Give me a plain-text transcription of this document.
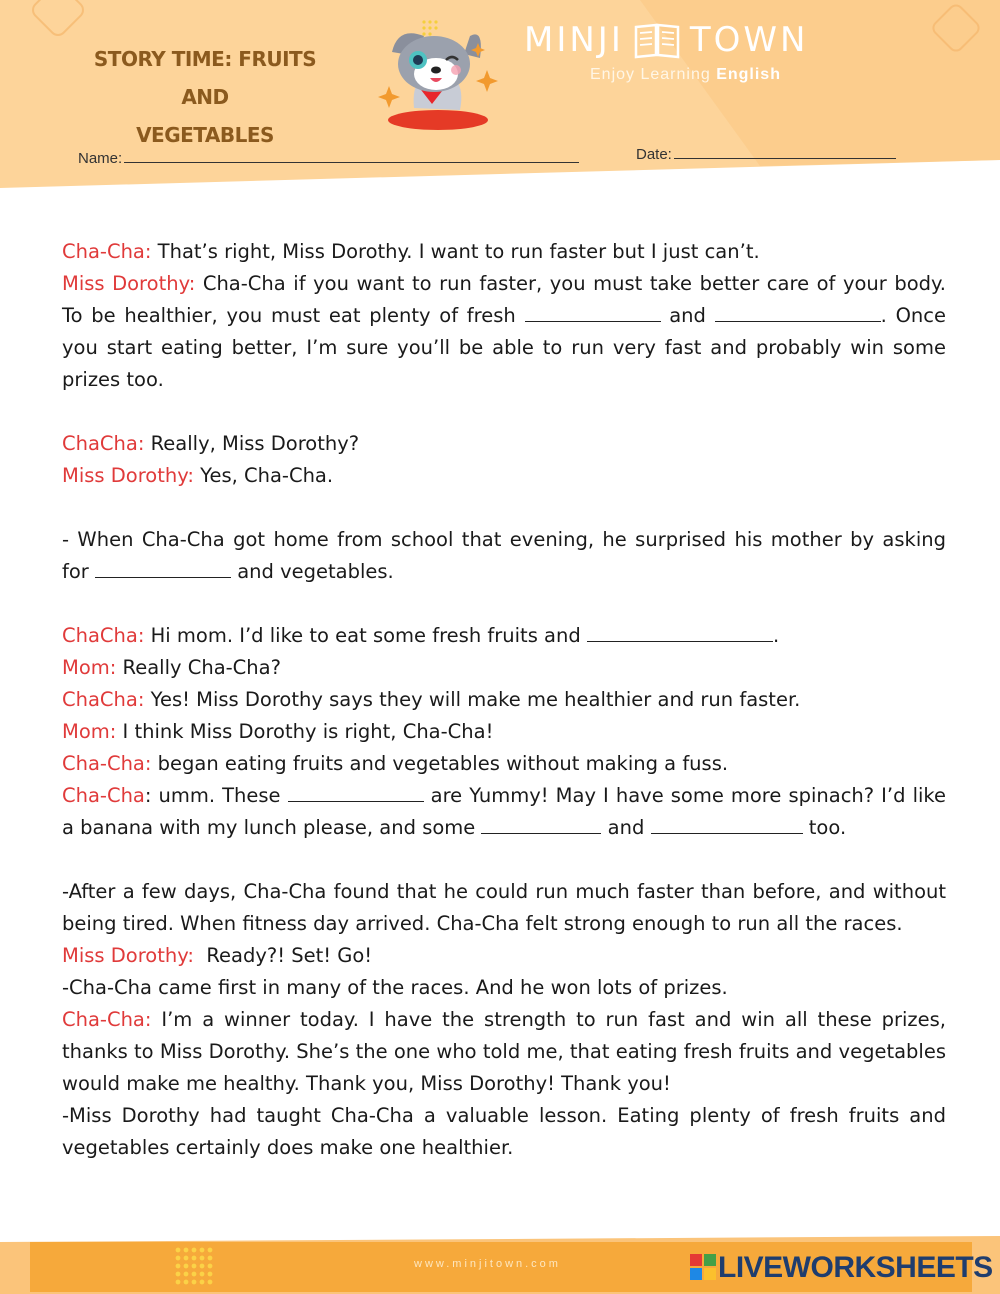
STORY TIME: FRUITS AND
VEGETABLES
MINJI TOWN
Enjoy Learning English
Name:	Date:

Cha-Cha: That’s right, Miss Dorothy. I want to run faster but I just can’t.

Miss Dorothy: Cha-Cha if you want to run faster, you must take better care of your body. To be healthier, you must eat plenty of fresh	and	. Once you start eating better, I’m sure you’ll be able to run very fast and probably win some prizes too.

ChaCha: Really, Miss Dorothy?

Miss Dorothy: Yes, Cha-Cha.

- When Cha-Cha got home from school that evening, he surprised his mother by asking for	and vegetables.

ChaCha: Hi mom. I’d like to eat some fresh fruits and	.

Mom: Really Cha-Cha?

ChaCha: Yes! Miss Dorothy says they will make me healthier and run faster.

Mom: I think Miss Dorothy is right, Cha-Cha!

Cha-Cha: began eating fruits and vegetables without making a fuss.

Cha-Cha: umm. These	are Yummy! May I have some more spinach? I’d like a banana with my lunch please, and some	and	too.

-After a few days, Cha-Cha found that he could run much faster than before, and without being tired. When fitness day arrived. Cha-Cha felt strong enough to run all the races.

Miss Dorothy:  Ready?! Set! Go!

-Cha-Cha came first in many of the races. And he won lots of prizes.

Cha-Cha: I’m a winner today. I have the strength to run fast and win all these prizes, thanks to Miss Dorothy. She’s the one who told me, that eating fresh fruits and vegetables would make me healthy. Thank you, Miss Dorothy! Thank you!

-Miss Dorothy had taught Cha-Cha a valuable lesson. Eating plenty of fresh fruits and vegetables certainly does make one healthier.

www.minjitown.com	LIVEWORKSHEETS
